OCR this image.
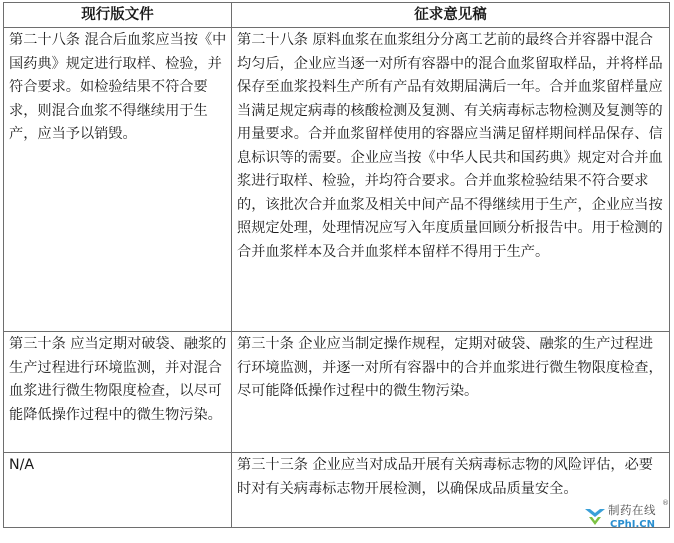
现行版文件	征求意见稿
第二十八条 混合后血浆应当按《中国药典》规定进行取样、检验，并符合要求。如检验结果不符合要求，则混合血浆不得继续用于生产，应当予以销毁。	第二十八条 原料血浆在血浆组分分离工艺前的最终合并容器中混合均匀后，企业应当逐一对所有容器中的混合血浆留取样品，并将样品保存至血浆投料生产所有产品有效期届满后一年。合并血浆留样量应当满足规定病毒的核酸检测及复测、有关病毒标志物检测及复测等的用量要求。合并血浆留样使用的容器应当满足留样期间样品保存、信息标识等的需要。企业应当按《中华人民共和国药典》规定对合并血浆进行取样、检验，并均符合要求。合并血浆检验结果不符合要求的，该批次合并血浆及相关中间产品不得继续用于生产，企业应当按照规定处理，处理情况应写入年度质量回顾分析报告中。用于检测的合并血浆样本及合并血浆样本留样不得用于生产。
第三十条 应当定期对破袋、融浆的生产过程进行环境监测，并对混合血浆进行微生物限度检查，以尽可能降低操作过程中的微生物污染。	第三十条 企业应当制定操作规程，定期对破袋、融浆的生产过程进行环境监测，并逐一对所有容器中的合并血浆进行微生物限度检查，尽可能降低操作过程中的微生物污染。
N/A	第三十三条 企业应当对成品开展有关病毒标志物的风险评估，必要时对有关病毒标志物开展检测，以确保成品质量安全。
制药在线 ®
CPhI.CN
